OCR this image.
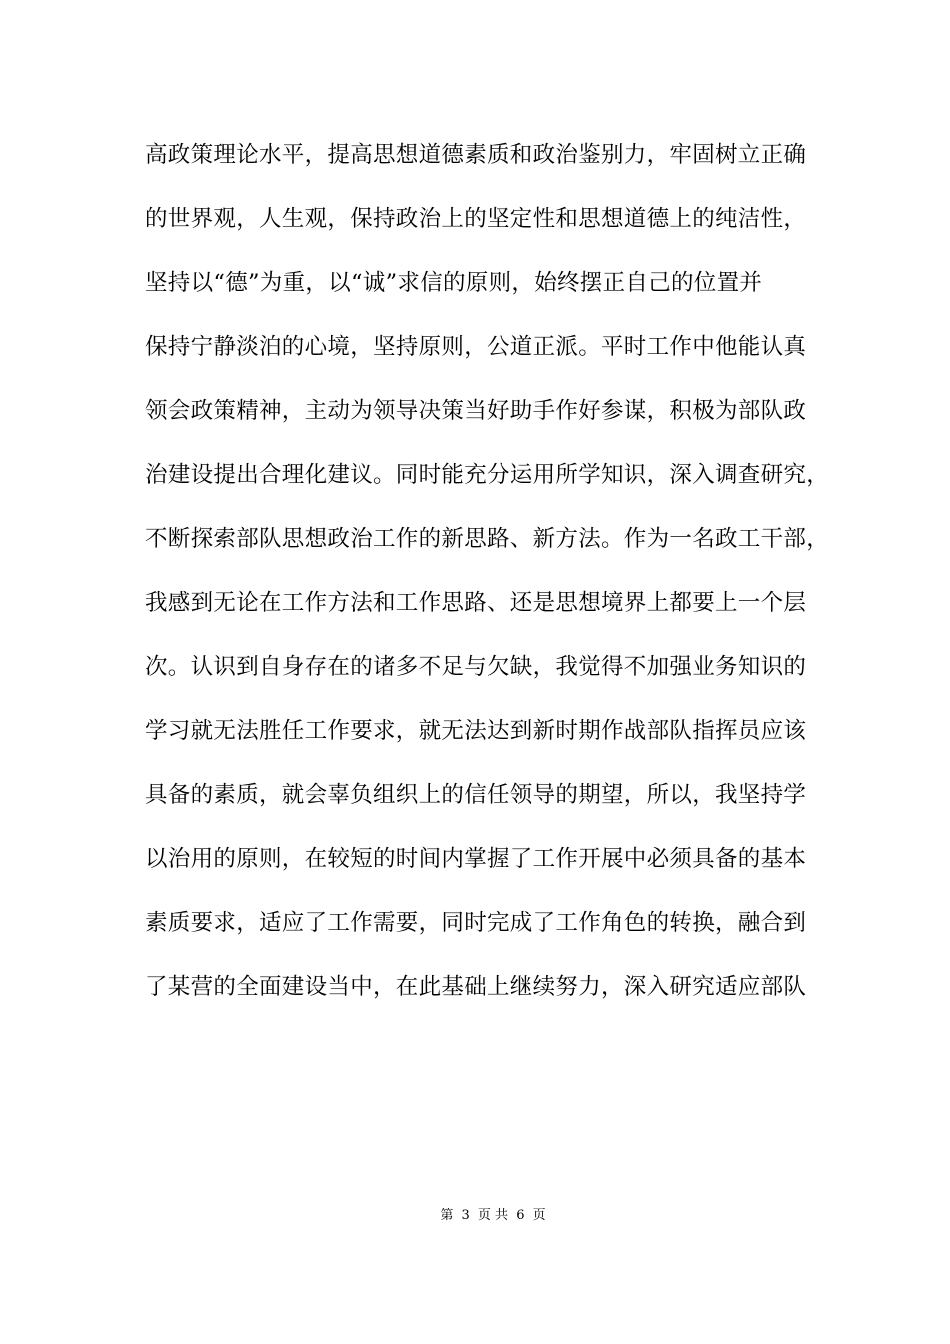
高政策理论水平，提高思想道德素质和政治鉴别力，牢固树立正确
的世界观，人生观，保持政治上的坚定性和思想道德上的纯洁性，
坚持以“德”为重，以“诚”求信的原则，始终摆正自己的位置并
保持宁静淡泊的心境，坚持原则，公道正派。平时工作中他能认真
领会政策精神，主动为领导决策当好助手作好参谋，积极为部队政
治建设提出合理化建议。同时能充分运用所学知识，深入调查研究，
不断探索部队思想政治工作的新思路、新方法。作为一名政工干部，
我感到无论在工作方法和工作思路、还是思想境界上都要上一个层
次。认识到自身存在的诸多不足与欠缺，我觉得不加强业务知识的
学习就无法胜任工作要求，就无法达到新时期作战部队指挥员应该
具备的素质，就会辜负组织上的信任领导的期望，所以，我坚持学
以治用的原则，在较短的时间内掌握了工作开展中必须具备的基本
素质要求，适应了工作需要，同时完成了工作角色的转换，融合到
了某营的全面建设当中，在此基础上继续努力，深入研究适应部队
第 3 页 共 6 页
